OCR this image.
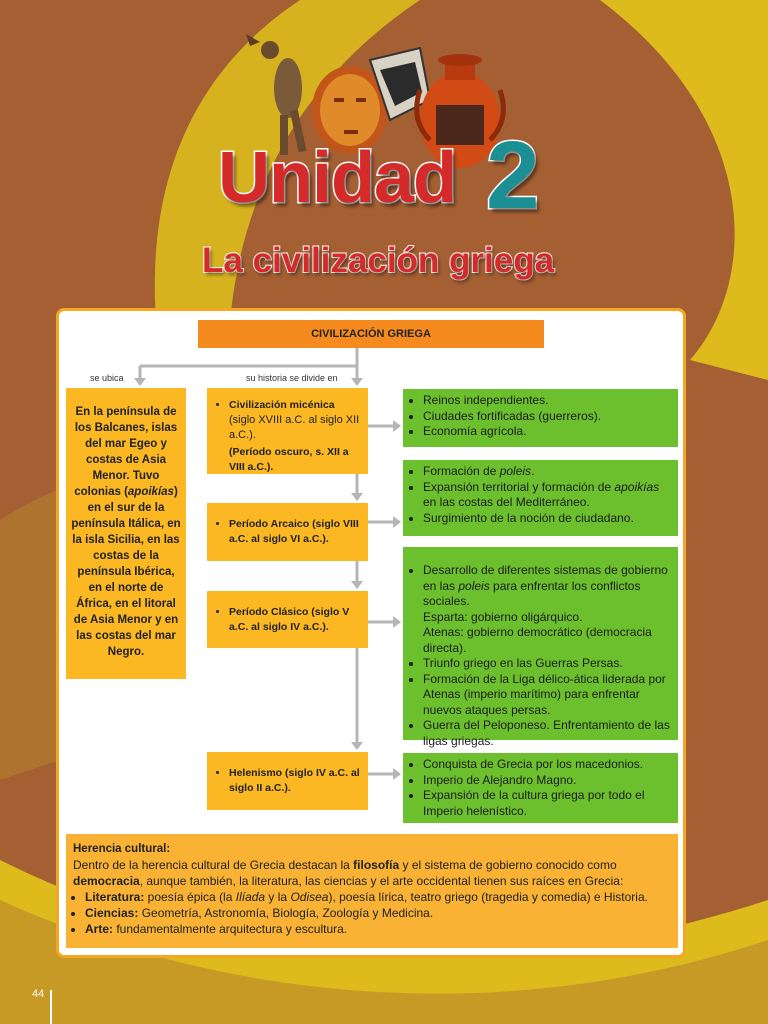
Unidad 2
La civilización griega
CIVILIZACIÓN GRIEGA
se ubica	su historia se divide en
En la península de los Balcanes, islas del mar Egeo y costas de Asia Menor. Tuvo colonias (apoikías) en el sur de la península Itálica, en la isla Sicilia, en las costas de la península Ibérica, en el norte de África, en el litoral de Asia Menor y en las costas del mar Negro.
• Civilización micénica (siglo XVIII a.C. al siglo XII a.C.).
(Período oscuro, s. XII a VIII a.C.).
• Período Arcaico (siglo VIII a.C. al siglo VI a.C.).
• Período Clásico (siglo V a.C. al siglo IV a.C.).
• Helenismo (siglo IV a.C. al siglo II a.C.).
• Reinos independientes.
• Ciudades fortificadas (guerreros).
• Economía agrícola.
• Formación de poleis.
• Expansión territorial y formación de apoikías en las costas del Mediterráneo.
• Surgimiento de la noción de ciudadano.
• Desarrollo de diferentes sistemas de gobierno en las poleis para enfrentar los conflictos sociales.
Esparta: gobierno oligárquico.
Atenas: gobierno democrático (democracia directa).
• Triunfo griego en las Guerras Persas.
• Formación de la Liga délico-ática liderada por Atenas (imperio marítimo) para enfrentar nuevos ataques persas.
• Guerra del Peloponeso. Enfrentamiento de las ligas griegas.
• Conquista de Grecia por los macedonios.
• Imperio de Alejandro Magno.
• Expansión de la cultura griega por todo el Imperio helenístico.
Herencia cultural:
Dentro de la herencia cultural de Grecia destacan la filosofía y el sistema de gobierno conocido como democracia, aunque también, la literatura, las ciencias y el arte occidental tienen sus raíces en Grecia:
• Literatura: poesía épica (la Ilíada y la Odisea), poesía lírica, teatro griego (tragedia y comedia) e Historia.
• Ciencias: Geometría, Astronomía, Biología, Zoología y Medicina.
• Arte: fundamentalmente arquitectura y escultura.
44
